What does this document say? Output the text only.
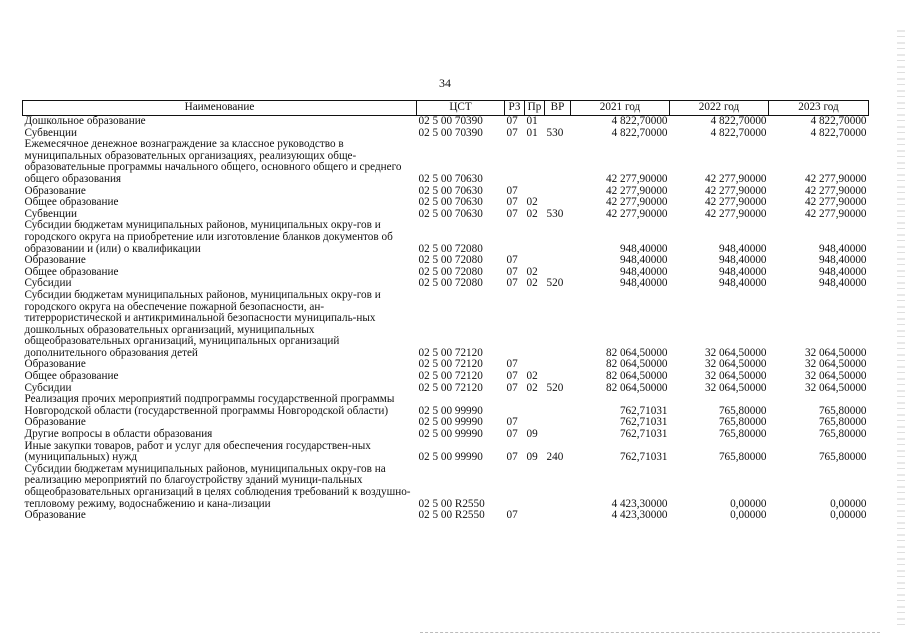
34
Наименование	ЦСТ	РЗ	Пр	ВР	2021 год	2022 год	2023 год
Дошкольное образование	02 5 00 70390	07	01		4 822,70000	4 822,70000	4 822,70000
Субвенции	02 5 00 70390	07	01	530	4 822,70000	4 822,70000	4 822,70000
Ежемесячное денежное вознаграждение за классное руководство в муниципальных образовательных организациях, реализующих обще-образовательные программы начального общего, основного общего и среднего общего образования	02 5 00 70630				42 277,90000	42 277,90000	42 277,90000
Образование	02 5 00 70630	07			42 277,90000	42 277,90000	42 277,90000
Общее образование	02 5 00 70630	07	02		42 277,90000	42 277,90000	42 277,90000
Субвенции	02 5 00 70630	07	02	530	42 277,90000	42 277,90000	42 277,90000
Субсидии бюджетам муниципальных районов, муниципальных окру-гов и городского округа на приобретение или изготовление бланков документов об образовании и (или) о квалификации	02 5 00 72080				948,40000	948,40000	948,40000
Образование	02 5 00 72080	07			948,40000	948,40000	948,40000
Общее образование	02 5 00 72080	07	02		948,40000	948,40000	948,40000
Субсидии	02 5 00 72080	07	02	520	948,40000	948,40000	948,40000
Субсидии бюджетам муниципальных районов, муниципальных окру-гов и городского округа на обеспечение пожарной безопасности, ан-титеррористической и антикриминальной безопасности муниципаль-ных дошкольных образовательных организаций, муниципальных общеобразовательных организаций, муниципальных организаций дополнительного образования детей	02 5 00 72120				82 064,50000	32 064,50000	32 064,50000
Образование	02 5 00 72120	07			82 064,50000	32 064,50000	32 064,50000
Общее образование	02 5 00 72120	07	02		82 064,50000	32 064,50000	32 064,50000
Субсидии	02 5 00 72120	07	02	520	82 064,50000	32 064,50000	32 064,50000
Реализация прочих мероприятий подпрограммы государственной программы Новгородской области (государственной программы Новгородской области)	02 5 00 99990				762,71031	765,80000	765,80000
Образование	02 5 00 99990	07			762,71031	765,80000	765,80000
Другие вопросы в области образования	02 5 00 99990	07	09		762,71031	765,80000	765,80000
Иные закупки товаров, работ и услуг для обеспечения государствен-ных (муниципальных) нужд	02 5 00 99990	07	09	240	762,71031	765,80000	765,80000
Субсидии бюджетам муниципальных районов, муниципальных окру-гов на реализацию мероприятий по благоустройству зданий муници-пальных общеобразовательных организаций в целях соблюдения требований к воздушно-тепловому режиму, водоснабжению и кана-лизации	02 5 00 R2550				4 423,30000	0,00000	0,00000
Образование	02 5 00 R2550	07			4 423,30000	0,00000	0,00000
